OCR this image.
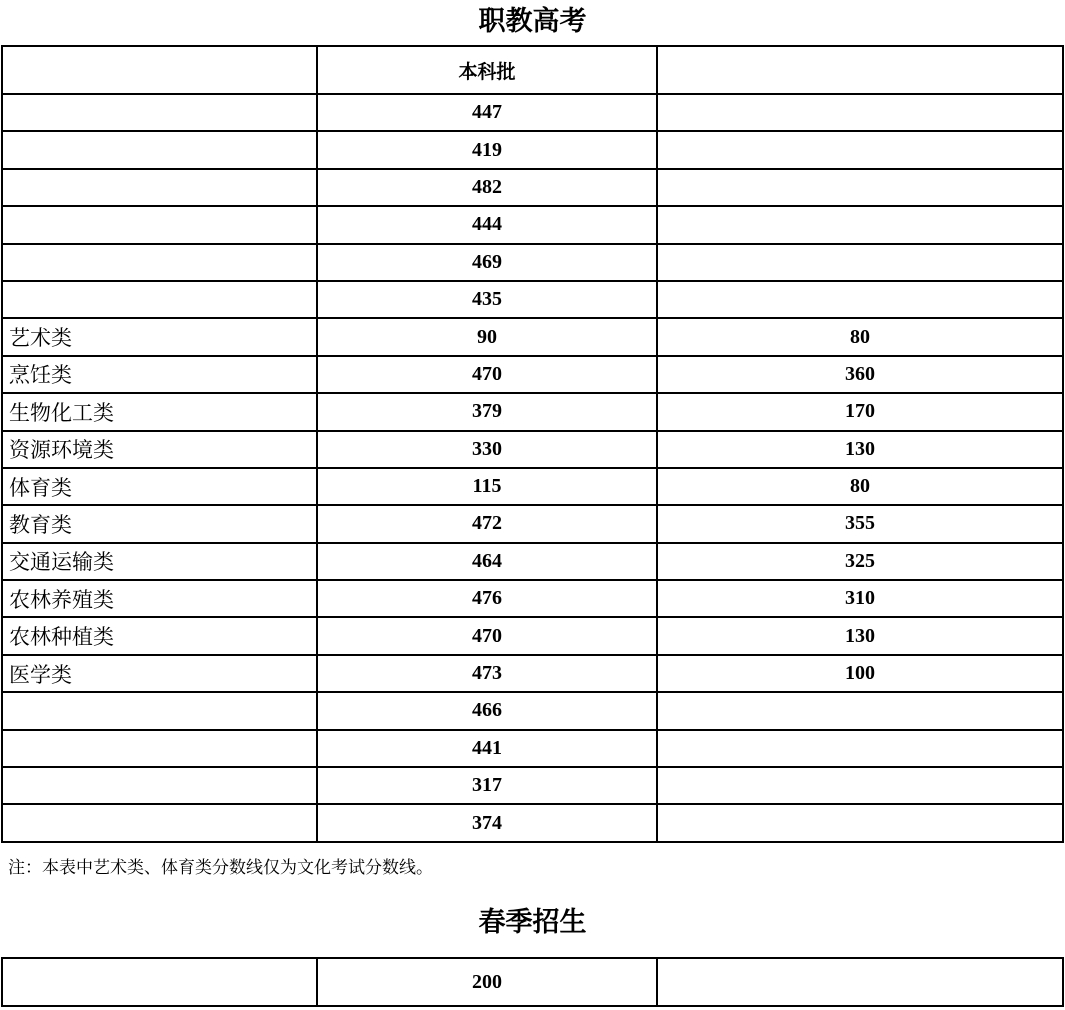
职教高考
	本科批	
	447	
	419	
	482	
	444	
	469	
	435	
艺术类	90	80
烹饪类	470	360
生物化工类	379	170
资源环境类	330	130
体育类	115	80
教育类	472	355
交通运输类	464	325
农林养殖类	476	310
农林种植类	470	130
医学类	473	100
	466	
	441	
	317	
	374	
注：本表中艺术类、体育类分数线仅为文化考试分数线。
春季招生
	200	
